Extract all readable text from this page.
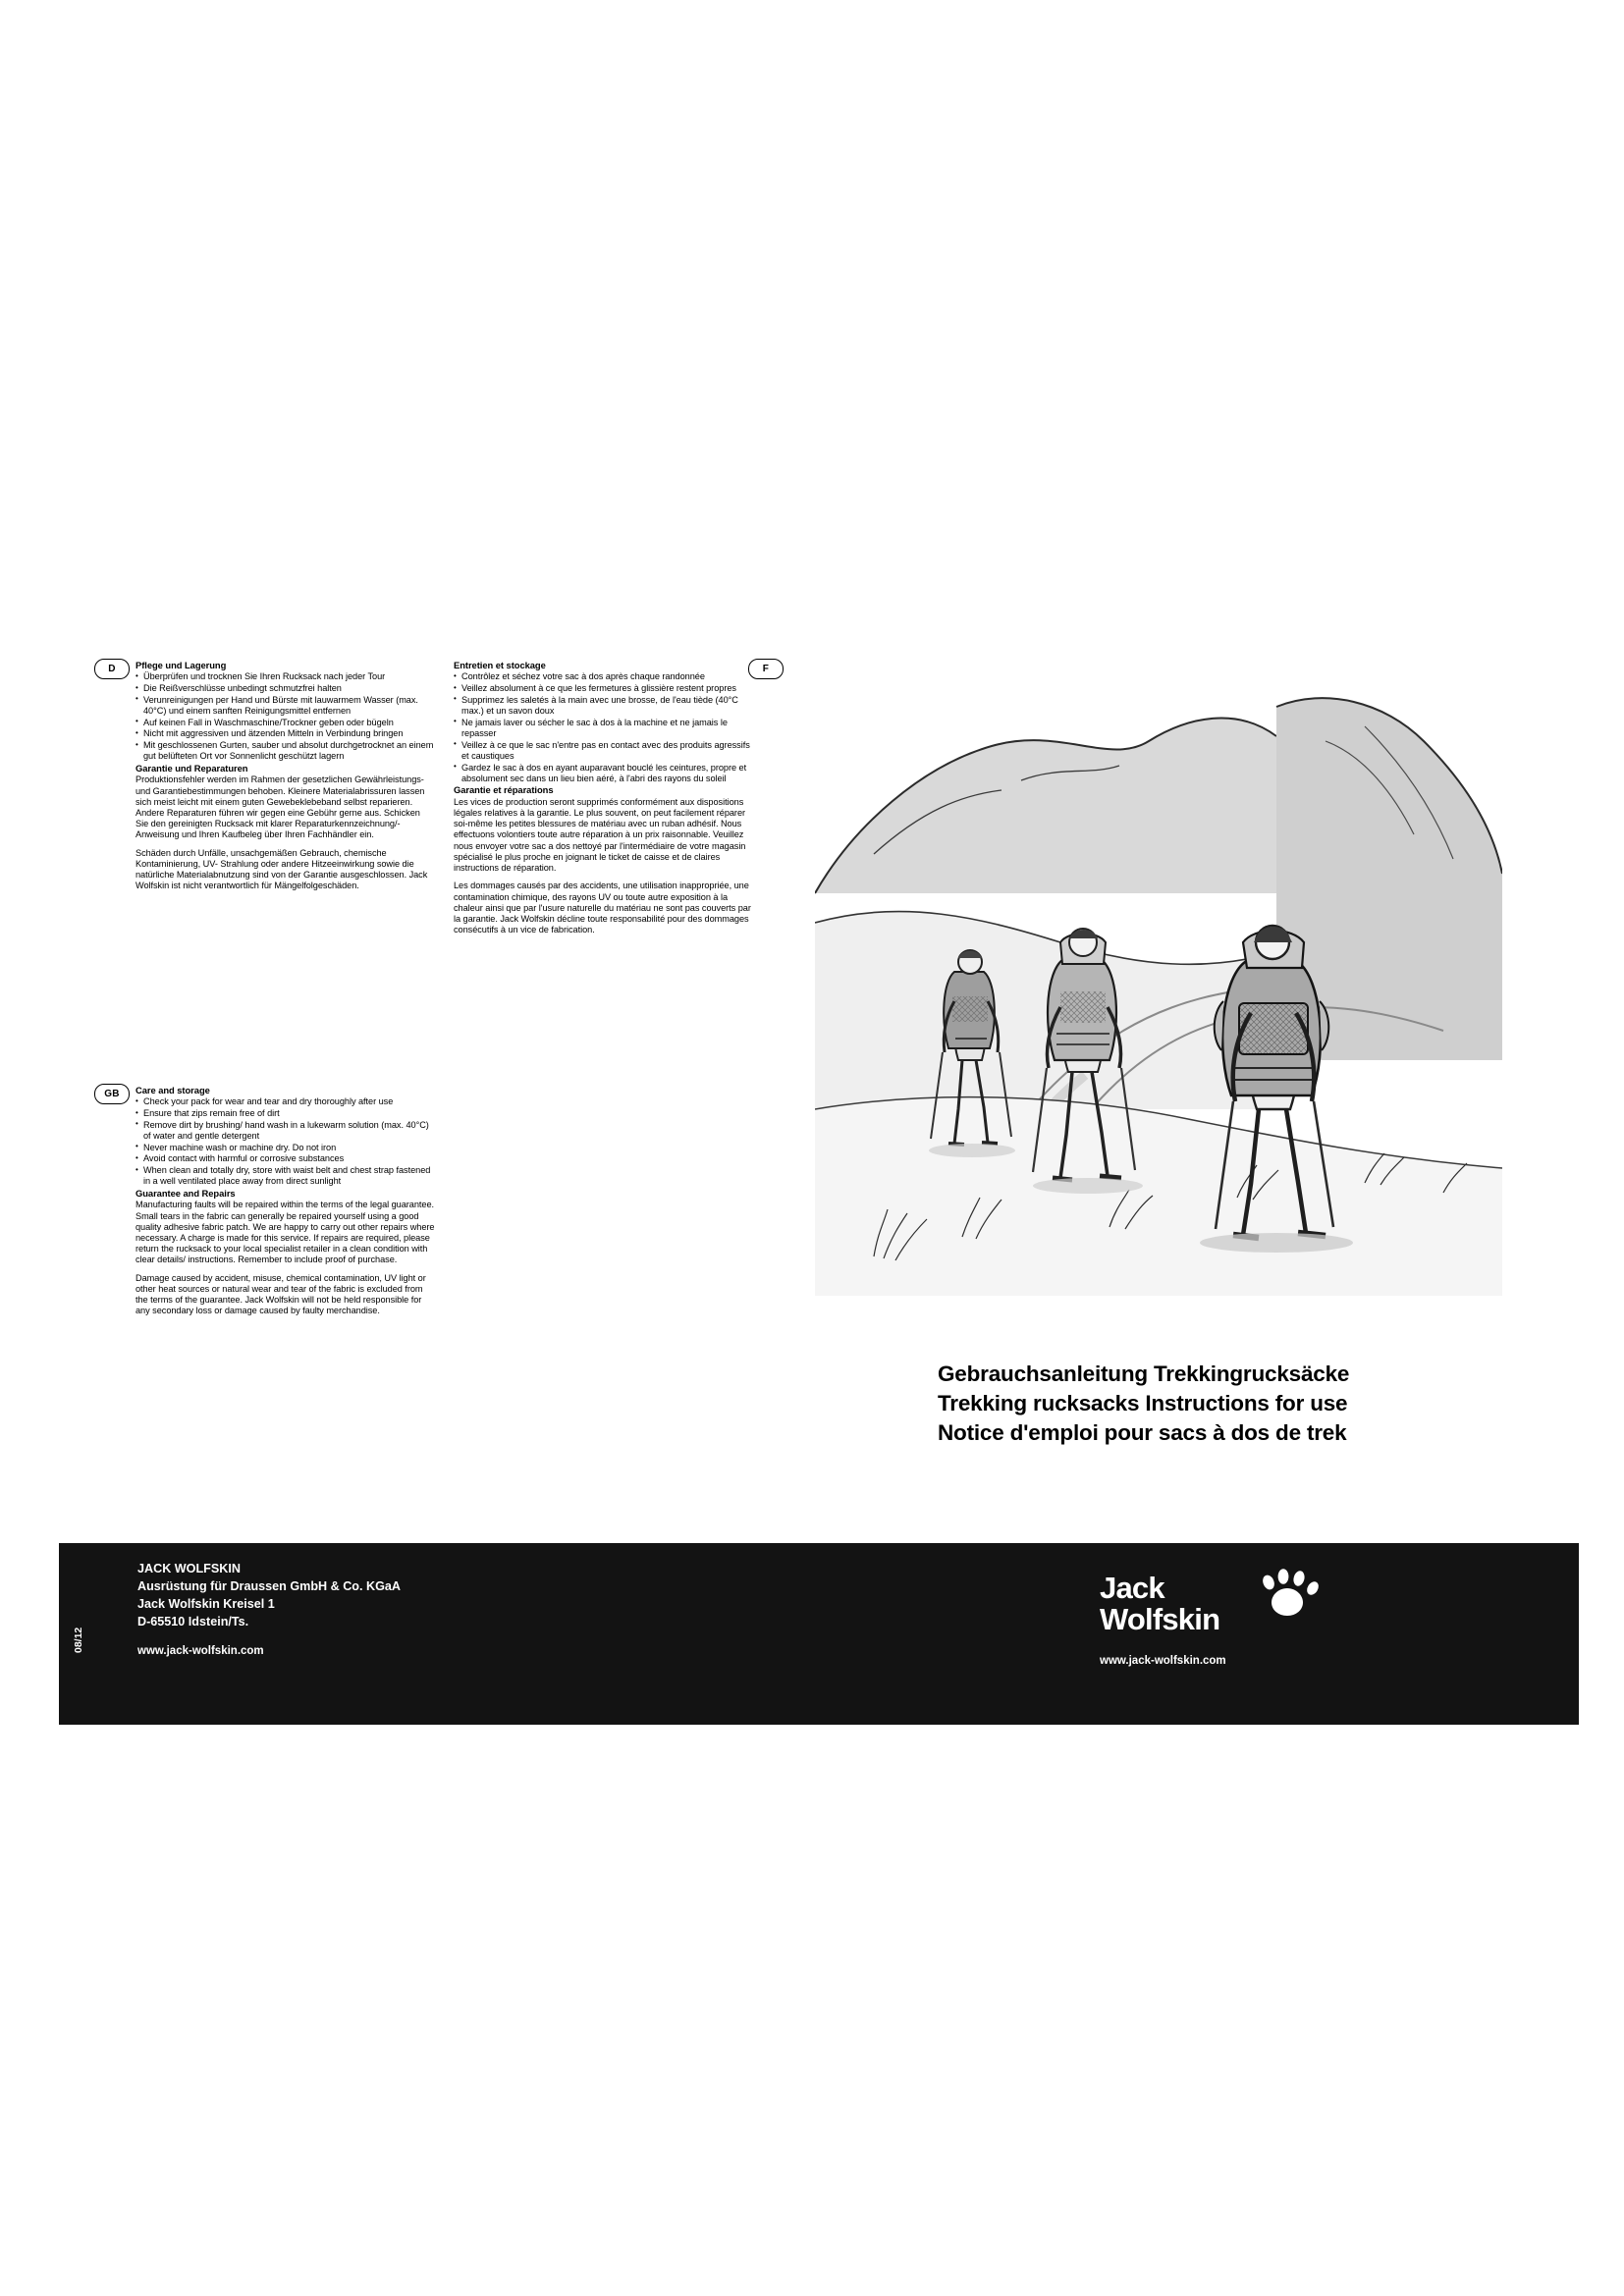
D	Pflege und Lagerung
• Überprüfen und trocknen Sie Ihren Rucksack nach jeder Tour
• Die Reißverschlüsse unbedingt schmutzfrei halten
• Verunreinigungen per Hand und Bürste mit lauwarmem Wasser (max. 40°C) und einem sanften Reinigungsmittel entfernen
• Auf keinen Fall in Waschmaschine/Trockner geben oder bügeln
• Nicht mit aggressiven und ätzenden Mitteln in Verbindung bringen
• Mit geschlossenen Gurten, sauber und absolut durchgetrocknet an einem gut belüfteten Ort vor Sonnenlicht geschützt lagern
Garantie und Reparaturen

Produktionsfehler werden im Rahmen der gesetzlichen Gewährleistungs- und Garantiebestimmungen behoben. Kleinere Materialabrissuren lassen sich meist leicht mit einem guten Gewebeklebeband selbst reparieren. Andere Reparaturen führen wir gegen eine Gebühr gerne aus. Schicken Sie den gereinigten Rucksack mit klarer Reparaturkennzeichnung/-Anweisung und Ihren Kaufbeleg über Ihren Fachhändler ein.

Schäden durch Unfälle, unsachgemäßen Gebrauch, chemische Kontaminierung, UV- Strahlung oder andere Hitzeeinwirkung sowie die natürliche Materialabnutzung sind von der Garantie ausgeschlossen. Jack Wolfskin ist nicht verantwortlich für Mängelfolgeschäden.

GB	Care and storage
• Check your pack for wear and tear and dry thoroughly after use
• Ensure that zips remain free of dirt
• Remove dirt by brushing/ hand wash in a lukewarm solution (max. 40°C) of water and gentle detergent
• Never machine wash or machine dry. Do not iron
• Avoid contact with harmful or corrosive substances
• When clean and totally dry, store with waist belt and chest strap fastened in a well ventilated place away from direct sunlight
Guarantee and Repairs

Manufacturing faults will be repaired within the terms of the legal guarantee. Small tears in the fabric can generally be repaired yourself using a good quality adhesive fabric patch. We are happy to carry out other repairs where necessary. A charge is made for this service. If repairs are required, please return the rucksack to your local specialist retailer in a clean condition with clear details/ instructions. Remember to include proof of purchase.

Damage caused by accident, misuse, chemical contamination, UV light or other heat sources or natural wear and tear of the fabric is excluded from the terms of the guarantee. Jack Wolfskin will not be held responsible for any secondary loss or damage caused by faulty merchandise.

F
Entretien et stockage
• Contrôlez et séchez votre sac à dos après chaque randonnée
• Veillez absolument à ce que les fermetures à glissière restent propres
• Supprimez les saletés à la main avec une brosse, de l'eau tiède (40°C max.) et un savon doux
• Ne jamais laver ou sécher le sac à dos à la machine et ne jamais le repasser
• Veillez à ce que le sac n'entre pas en contact avec des produits agressifs et caustiques
• Gardez le sac à dos en ayant auparavant bouclé les ceintures, propre et absolument sec dans un lieu bien aéré, à l'abri des rayons du soleil
Garantie et réparations

Les vices de production seront supprimés conformément aux dispositions légales relatives à la garantie. Le plus souvent, on peut facilement réparer soi-même les petites blessures de matériau avec un ruban adhésif. Nous effectuons volontiers toute autre réparation à un prix raisonnable. Veuillez nous envoyer votre sac a dos nettoyé par l'intermédiaire de votre magasin spécialisé le plus proche en joignant le ticket de caisse et de claires instructions de réparation.

Les dommages causés par des accidents, une utilisation inappropriée, une contamination chimique, des rayons UV ou toute autre exposition à la chaleur ainsi que par l'usure naturelle du matériau ne sont pas couverts par la garantie. Jack Wolfskin décline toute responsabilité pour des dommages consécutifs à un vice de fabrication.

Gebrauchsanleitung Trekkingrucksäcke
Trekking rucksacks Instructions for use
Notice d'emploi pour sacs à dos de trek
08/12
JACK WOLFSKIN
Ausrüstung für Draussen GmbH & Co. KGaA
Jack Wolfskin Kreisel 1
D-65510 Idstein/Ts.
www.jack-wolfskin.com
Jack
Wolfskin
www.jack-wolfskin.com
